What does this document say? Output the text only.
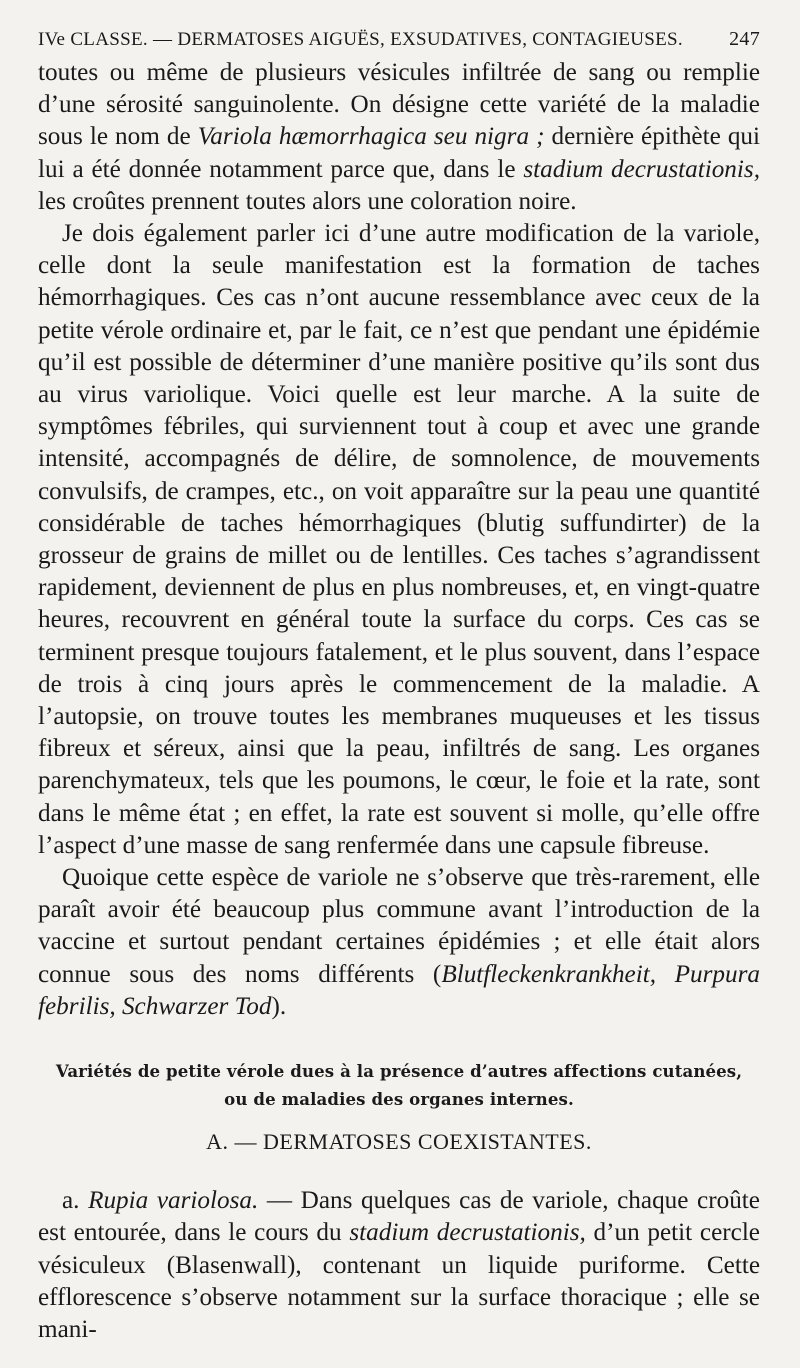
IVe CLASSE. — DERMATOSES AIGUËS, EXSUDATIVES, CONTAGIEUSES.	247

toutes ou même de plusieurs vésicules infiltrée de sang ou remplie d’une sérosité sanguinolente. On désigne cette variété de la maladie sous le nom de Variola hæmorrhagica seu nigra ; dernière épithète qui lui a été donnée notamment parce que, dans le stadium decrustationis, les croûtes prennent toutes alors une coloration noire.

Je dois également parler ici d’une autre modification de la variole, celle dont la seule manifestation est la formation de taches hémorrhagiques. Ces cas n’ont aucune ressemblance avec ceux de la petite vérole ordinaire et, par le fait, ce n’est que pendant une épidémie qu’il est possible de déterminer d’une manière positive qu’ils sont dus au virus variolique. Voici quelle est leur marche. A la suite de symptômes fébriles, qui surviennent tout à coup et avec une grande intensité, accompagnés de délire, de somnolence, de mouvements convulsifs, de crampes, etc., on voit apparaître sur la peau une quantité considérable de taches hémorrhagiques (blutig suffundirter) de la grosseur de grains de millet ou de lentilles. Ces taches s’agrandissent rapidement, deviennent de plus en plus nombreuses, et, en vingt-quatre heures, recouvrent en général toute la surface du corps. Ces cas se terminent presque toujours fatalement, et le plus souvent, dans l’espace de trois à cinq jours après le commencement de la maladie. A l’autopsie, on trouve toutes les membranes muqueuses et les tissus fibreux et séreux, ainsi que la peau, infiltrés de sang. Les organes parenchymateux, tels que les poumons, le cœur, le foie et la rate, sont dans le même état ; en effet, la rate est souvent si molle, qu’elle offre l’aspect d’une masse de sang renfermée dans une capsule fibreuse.

Quoique cette espèce de variole ne s’observe que très-rarement, elle paraît avoir été beaucoup plus commune avant l’introduction de la vaccine et surtout pendant certaines épidémies ; et elle était alors connue sous des noms différents (Blutfleckenkrankheit, Purpura febrilis, Schwarzer Tod).

Variétés de petite vérole dues à la présence d’autres affections cutanées,
ou de maladies des organes internes.
A. — DERMATOSES COEXISTANTES.

a. Rupia variolosa. — Dans quelques cas de variole, chaque croûte est entourée, dans le cours du stadium decrustationis, d’un petit cercle vésiculeux (Blasenwall), contenant un liquide puriforme. Cette efflorescence s’observe notamment sur la surface thoracique ; elle se mani-
